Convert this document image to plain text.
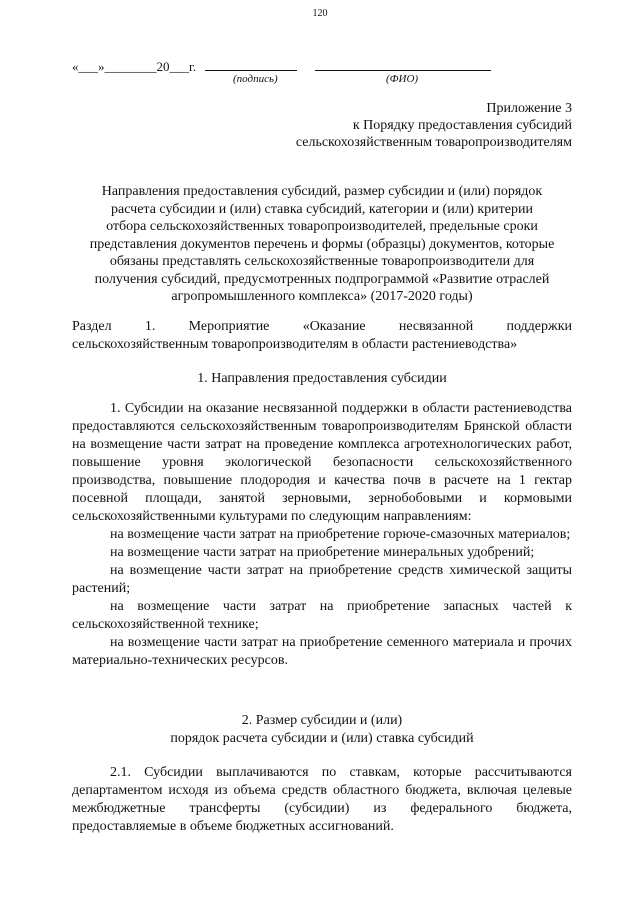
120
«___»________20___г.
(подпись)	(ФИО)
Приложение 3
к Порядку предоставления субсидий
сельскохозяйственным товаропроизводителям
Направления предоставления субсидий, размер субсидии и (или) порядок
расчета субсидии и (или) ставка субсидий, категории и (или) критерии
отбора сельскохозяйственных товаропроизводителей, предельные сроки
представления документов перечень и формы (образцы) документов, которые
обязаны представлять сельскохозяйственные товаропроизводители для
получения субсидий, предусмотренных подпрограммой «Развитие отраслей
агропромышленного комплекса» (2017-2020 годы)
Раздел 1. Мероприятие «Оказание несвязанной поддержки
сельскохозяйственным товаропроизводителям в области растениеводства»
1. Направления предоставления субсидии

1. Субсидии на оказание несвязанной поддержки в области растениеводства предоставляются сельскохозяйственным товаропроизводителям Брянской области на возмещение части затрат на проведение комплекса агротехнологических работ, повышение уровня экологической безопасности сельскохозяйственного производства, повышение плодородия и качества почв в расчете на 1 гектар посевной площади, занятой зерновыми, зернобобовыми и кормовыми сельскохозяйственными культурами по следующим направлениям:

на возмещение части затрат на приобретение горюче-смазочных материалов;

на возмещение части затрат на приобретение минеральных удобрений;

на возмещение части затрат на приобретение средств химической защиты растений;

на возмещение части затрат на приобретение запасных частей к сельскохозяйственной технике;

на возмещение части затрат на приобретение семенного материала и прочих материально-технических ресурсов.

2. Размер субсидии и (или)
порядок расчета субсидии и (или) ставка субсидий

2.1. Субсидии выплачиваются по ставкам, которые рассчитываются департаментом исходя из объема средств областного бюджета, включая целевые межбюджетные трансферты (субсидии) из федерального бюджета, предоставляемые в объеме бюджетных ассигнований.
